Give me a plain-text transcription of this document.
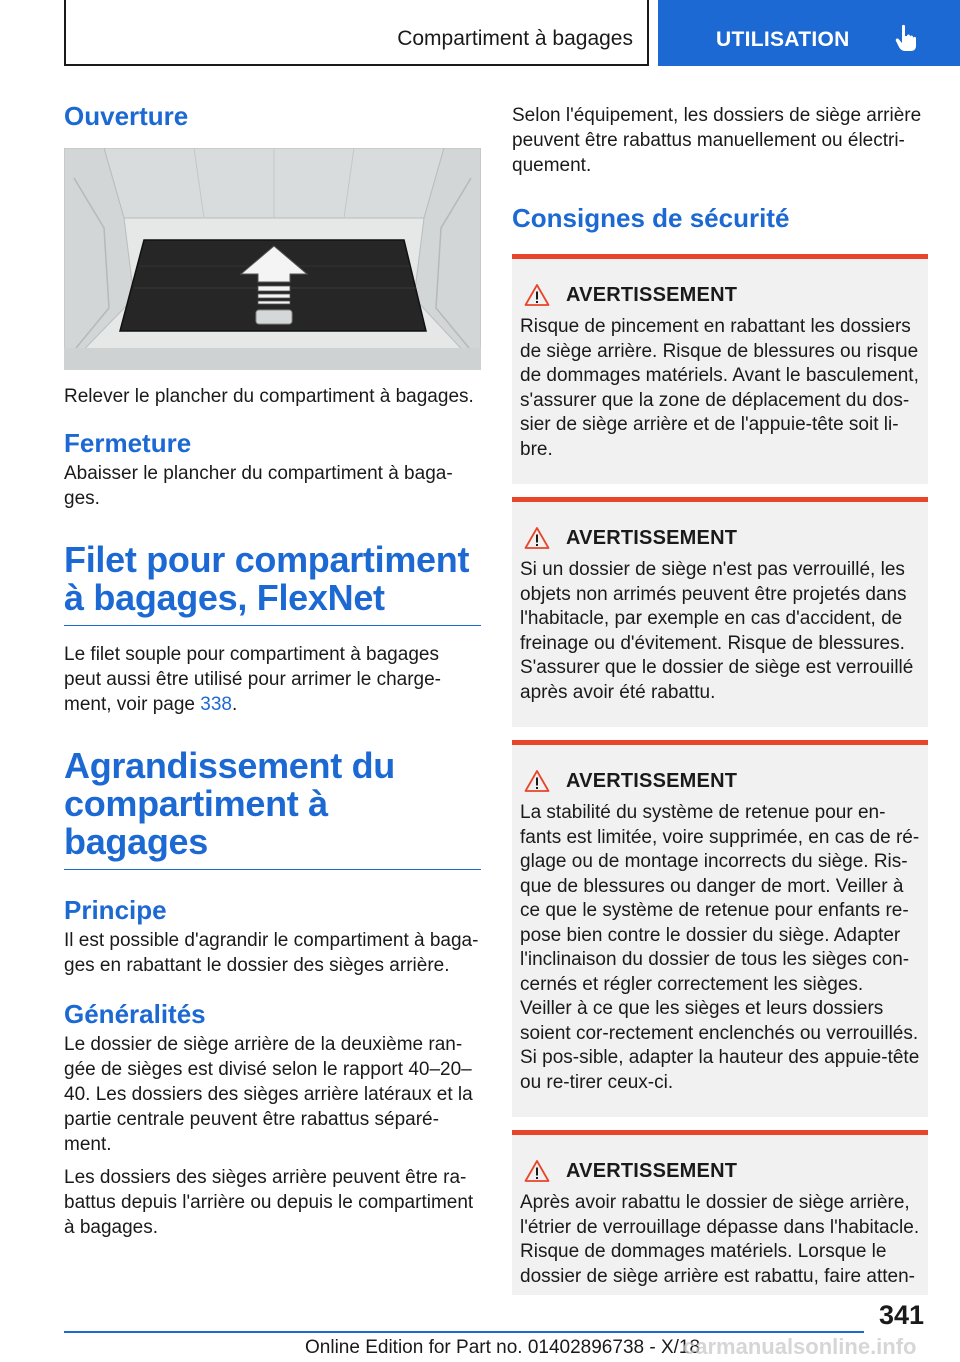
Compartiment à bagages	UTILISATION
Ouverture
Relever le plancher du compartiment à bagages.
Fermeture
Abaisser le plancher du compartiment à baga-
ges.
Filet pour compartiment à bagages, FlexNet
Le filet souple pour compartiment à bagages peut aussi être utilisé pour arrimer le charge-ment, voir page 338.
Agrandissement du compartiment à bagages
Principe
Il est possible d'agrandir le compartiment à baga-ges en rabattant le dossier des sièges arrière.
Généralités
Le dossier de siège arrière de la deuxième ran-gée de sièges est divisé selon le rapport 40–20–40. Les dossiers des sièges arrière latéraux et la partie centrale peuvent être rabattus séparé-ment.
Les dossiers des sièges arrière peuvent être ra-battus depuis l'arrière ou depuis le compartiment à bagages.
Selon l'équipement, les dossiers de siège arrière peuvent être rabattus manuellement ou électri-quement.
Consignes de sécurité
AVERTISSEMENT
Risque de pincement en rabattant les dossiers de siège arrière. Risque de blessures ou risque de dommages matériels. Avant le basculement, s'assurer que la zone de déplacement du dos-sier de siège arrière et de l'appuie-tête soit li-bre.
AVERTISSEMENT
Si un dossier de siège n'est pas verrouillé, les objets non arrimés peuvent être projetés dans l'habitacle, par exemple en cas d'accident, de freinage ou d'évitement. Risque de blessures. S'assurer que le dossier de siège est verrouillé après avoir été rabattu.
AVERTISSEMENT
La stabilité du système de retenue pour en-fants est limitée, voire supprimée, en cas de ré-glage ou de montage incorrects du siège. Ris-que de blessures ou danger de mort. Veiller à ce que le système de retenue pour enfants re-pose bien contre le dossier du siège. Adapter l'inclinaison du dossier de tous les sièges con-cernés et régler correctement les sièges. Veiller à ce que les sièges et leurs dossiers soient cor-rectement enclenchés ou verrouillés. Si pos-sible, adapter la hauteur des appuie-tête ou re-tirer ceux-ci.
AVERTISSEMENT
Après avoir rabattu le dossier de siège arrière, l'étrier de verrouillage dépasse dans l'habitacle. Risque de dommages matériels. Lorsque le dossier de siège arrière est rabattu, faire atten-
341
Online Edition for Part no. 01402896738 - X/18
carmanualsonline.info
